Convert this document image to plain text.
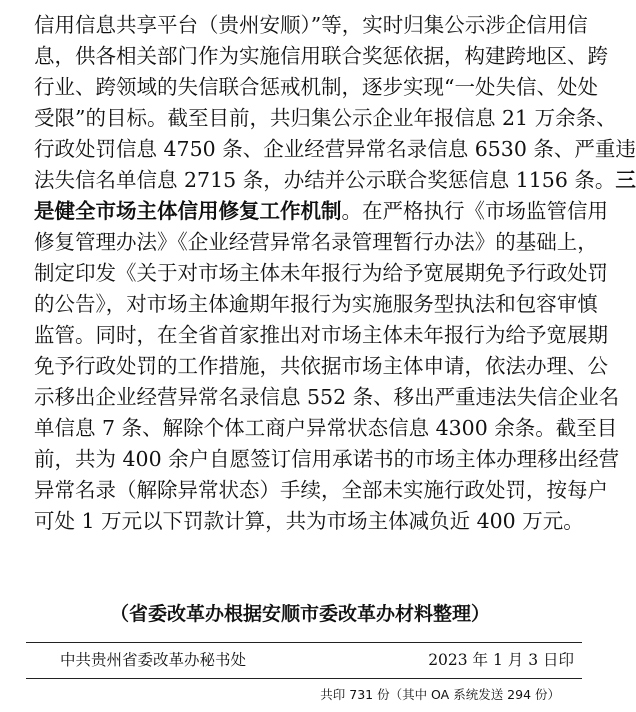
信用信息共享平台（贵州安顺）”等，实时归集公示涉企信用信
息，供各相关部门作为实施信用联合奖惩依据，构建跨地区、跨
行业、跨领域的失信联合惩戒机制，逐步实现“一处失信、处处
受限”的目标。截至目前，共归集公示企业年报信息 21 万余条、
行政处罚信息 4750 条、企业经营异常名录信息 6530 条、严重违
法失信名单信息 2715 条，办结并公示联合奖惩信息 1156 条。三
是健全市场主体信用修复工作机制。在严格执行《市场监管信用
修复管理办法》《企业经营异常名录管理暂行办法》的基础上，
制定印发《关于对市场主体未年报行为给予宽展期免予行政处罚
的公告》，对市场主体逾期年报行为实施服务型执法和包容审慎
监管。同时，在全省首家推出对市场主体未年报行为给予宽展期
免予行政处罚的工作措施，共依据市场主体申请，依法办理、公
示移出企业经营异常名录信息 552 条、移出严重违法失信企业名
单信息 7 条、解除个体工商户异常状态信息 4300 余条。截至目
前，共为 400 余户自愿签订信用承诺书的市场主体办理移出经营
异常名录（解除异常状态）手续，全部未实施行政处罚，按每户
可处 1 万元以下罚款计算，共为市场主体减负近 400 万元。
（省委改革办根据安顺市委改革办材料整理）
中共贵州省委改革办秘书处	2023 年 1 月 3 日印
共印 731 份（其中 OA 系统发送 294 份）
